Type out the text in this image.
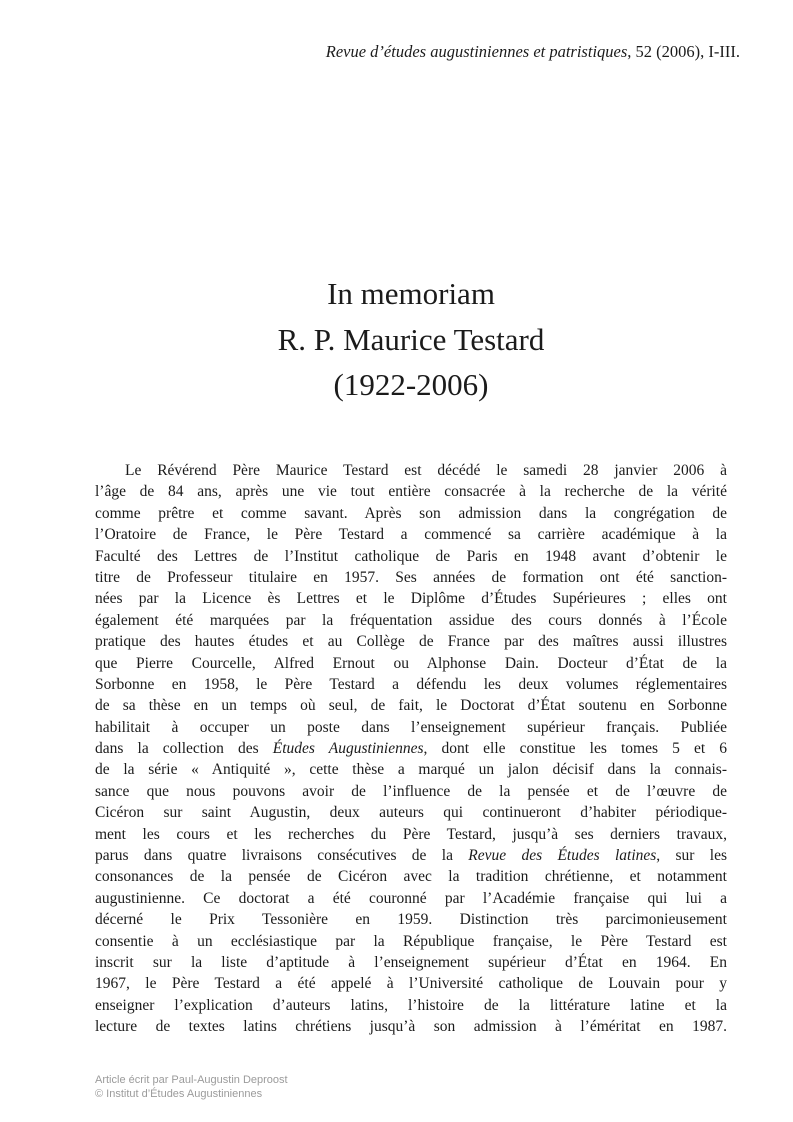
Revue d’études augustiniennes et patristiques, 52 (2006), I-III.
In memoriam
R. P. Maurice Testard
(1922-2006)
Le Révérend Père Maurice Testard est décédé le samedi 28 janvier 2006 à
l’âge de 84 ans, après une vie tout entière consacrée à la recherche de la vérité
comme prêtre et comme savant. Après son admission dans la congrégation de
l’Oratoire de France, le Père Testard a commencé sa carrière académique à la
Faculté des Lettres de l’Institut catholique de Paris en 1948 avant d’obtenir le
titre de Professeur titulaire en 1957. Ses années de formation ont été sanction-
nées par la Licence ès Lettres et le Diplôme d’Études Supérieures ; elles ont
également été marquées par la fréquentation assidue des cours donnés à l’École
pratique des hautes études et au Collège de France par des maîtres aussi illustres
que Pierre Courcelle, Alfred Ernout ou Alphonse Dain. Docteur d’État de la
Sorbonne en 1958, le Père Testard a défendu les deux volumes réglementaires
de sa thèse en un temps où seul, de fait, le Doctorat d’État soutenu en Sorbonne
habilitait à occuper un poste dans l’enseignement supérieur français. Publiée
dans la collection des Études Augustiniennes, dont elle constitue les tomes 5 et 6
de la série « Antiquité », cette thèse a marqué un jalon décisif dans la connais-
sance que nous pouvons avoir de l’influence de la pensée et de l’œuvre de
Cicéron sur saint Augustin, deux auteurs qui continueront d’habiter périodique-
ment les cours et les recherches du Père Testard, jusqu’à ses derniers travaux,
parus dans quatre livraisons consécutives de la Revue des Études latines, sur les
consonances de la pensée de Cicéron avec la tradition chrétienne, et notamment
augustinienne. Ce doctorat a été couronné par l’Académie française qui lui a
décerné le Prix Tessonière en 1959. Distinction très parcimonieusement
consentie à un ecclésiastique par la République française, le Père Testard est
inscrit sur la liste d’aptitude à l’enseignement supérieur d’État en 1964. En
1967, le Père Testard a été appelé à l’Université catholique de Louvain pour y
enseigner l’explication d’auteurs latins, l’histoire de la littérature latine et la
lecture de textes latins chrétiens jusqu’à son admission à l’éméritat en 1987.
Article écrit par Paul-Augustin Deproost
© Institut d’Études Augustiniennes
